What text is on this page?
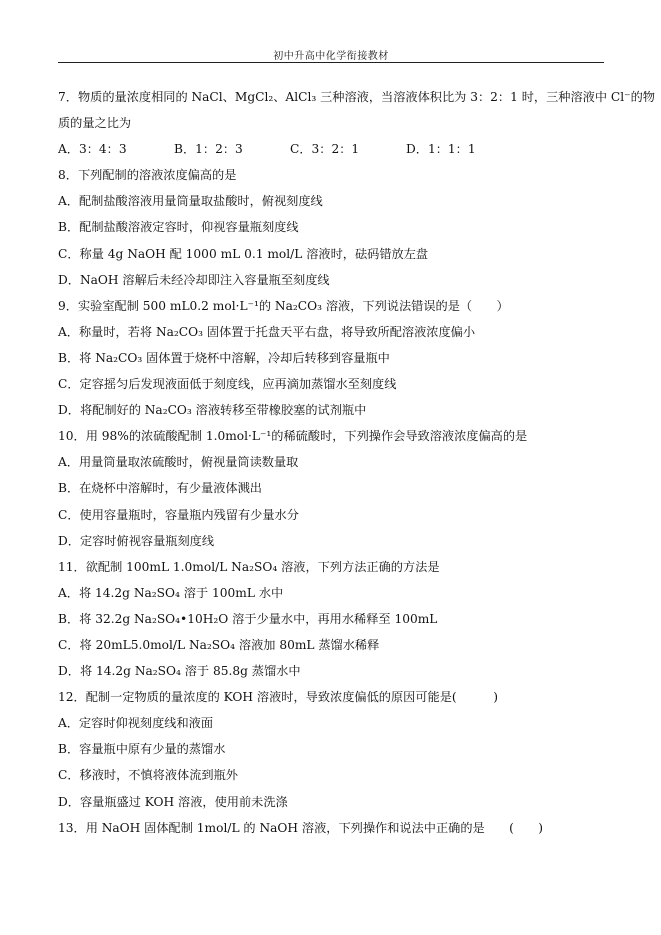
初中升高中化学衔接教材

7．物质的量浓度相同的 NaCl、MgCl₂、AlCl₃ 三种溶液，当溶液体积比为 3：2：1 时，三种溶液中 Cl⁻的物

质的量之比为

A．3：4：3	B．1：2：3	C．3：2：1	D．1：1：1

8．下列配制的溶液浓度偏高的是

A．配制盐酸溶液用量筒量取盐酸时，俯视刻度线

B．配制盐酸溶液定容时，仰视容量瓶刻度线

C．称量 4g NaOH 配 1000 mL 0.1 mol/L 溶液时，砝码错放左盘

D．NaOH 溶解后未经冷却即注入容量瓶至刻度线

9．实验室配制 500 mL0.2 mol·L⁻¹的 Na₂CO₃ 溶液，下列说法错误的是（　　）

A．称量时，若将 Na₂CO₃ 固体置于托盘天平右盘，将导致所配溶液浓度偏小

B．将 Na₂CO₃ 固体置于烧杯中溶解，冷却后转移到容量瓶中

C．定容摇匀后发现液面低于刻度线，应再滴加蒸馏水至刻度线

D．将配制好的 Na₂CO₃ 溶液转移至带橡胶塞的试剂瓶中

10．用 98%的浓硫酸配制 1.0mol·L⁻¹的稀硫酸时，下列操作会导致溶液浓度偏高的是

A．用量筒量取浓硫酸时，俯视量筒读数量取

B．在烧杯中溶解时，有少量液体溅出

C．使用容量瓶时，容量瓶内残留有少量水分

D．定容时俯视容量瓶刻度线

11．欲配制 100mL 1.0mol/L Na₂SO₄ 溶液，下列方法正确的方法是

A．将 14.2g Na₂SO₄ 溶于 100mL 水中

B．将 32.2g Na₂SO₄•10H₂O 溶于少量水中，再用水稀释至 100mL

C．将 20mL5.0mol/L Na₂SO₄ 溶液加 80mL 蒸馏水稀释

D．将 14.2g Na₂SO₄ 溶于 85.8g 蒸馏水中

12．配制一定物质的量浓度的 KOH 溶液时，导致浓度偏低的原因可能是(　　　)

A．定容时仰视刻度线和液面

B．容量瓶中原有少量的蒸馏水

C．移液时，不慎将液体流到瓶外

D．容量瓶盛过 KOH 溶液，使用前未洗涤

13．用 NaOH 固体配制 1mol/L 的 NaOH 溶液，下列操作和说法中正确的是　　(　　)
